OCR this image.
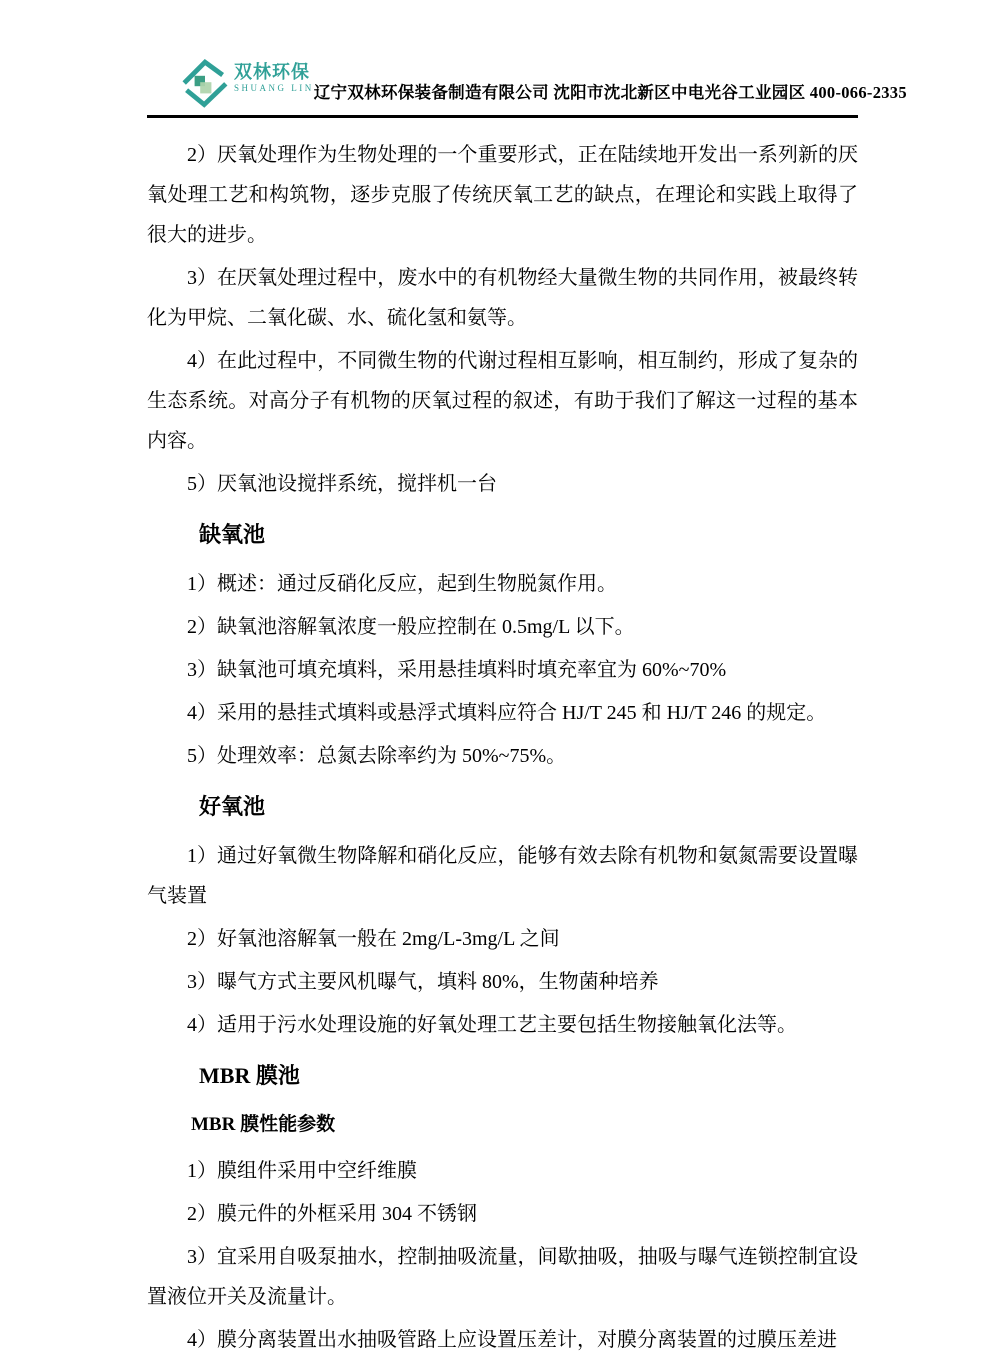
双林环保
SHUANG LIN 辽宁双林环保装备制造有限公司 沈阳市沈北新区中电光谷工业园区 400-066-2335

2）厌氧处理作为生物处理的一个重要形式，正在陆续地开发出一系列新的厌氧处理工艺和构筑物，逐步克服了传统厌氧工艺的缺点，在理论和实践上取得了很大的进步。

3）在厌氧处理过程中，废水中的有机物经大量微生物的共同作用，被最终转化为甲烷、二氧化碳、水、硫化氢和氨等。

4）在此过程中，不同微生物的代谢过程相互影响，相互制约，形成了复杂的生态系统。对高分子有机物的厌氧过程的叙述，有助于我们了解这一过程的基本内容。

5）厌氧池设搅拌系统，搅拌机一台

缺氧池

1）概述：通过反硝化反应，起到生物脱氮作用。

2）缺氧池溶解氧浓度一般应控制在 0.5mg/L 以下。

3）缺氧池可填充填料，采用悬挂填料时填充率宜为 60%~70%

4）采用的悬挂式填料或悬浮式填料应符合 HJ/T 245 和 HJ/T 246 的规定。

5）处理效率：总氮去除率约为 50%~75%。

好氧池

1）通过好氧微生物降解和硝化反应，能够有效去除有机物和氨氮需要设置曝气装置

2）好氧池溶解氧一般在 2mg/L-3mg/L 之间

3）曝气方式主要风机曝气，填料 80%，生物菌种培养

4）适用于污水处理设施的好氧处理工艺主要包括生物接触氧化法等。

MBR 膜池
MBR 膜性能参数

1）膜组件采用中空纤维膜

2）膜元件的外框采用 304 不锈钢

3）宜采用自吸泵抽水，控制抽吸流量，间歇抽吸，抽吸与曝气连锁控制宜设置液位开关及流量计。

4）膜分离装置出水抽吸管路上应设置压差计，对膜分离装置的过膜压差进
